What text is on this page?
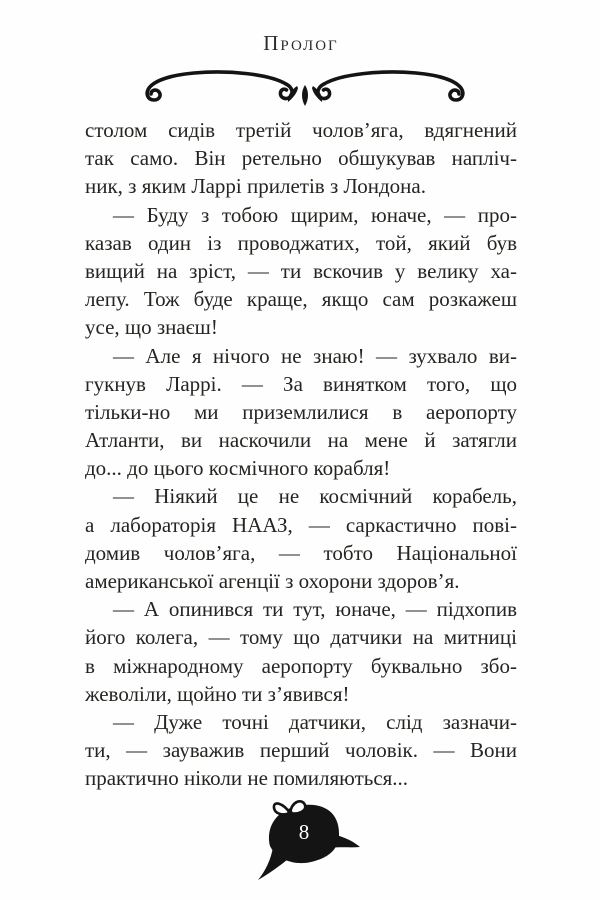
Пролог
столом сидів третій чолов’яга, вдягнений
так само. Він ретельно обшукував напліч-
ник, з яким Ларрі прилетів з Лондона.
— Буду з тобою щирим, юначе, — про-
казав один із проводжатих, той, який був
вищий на зріст, — ти вскочив у велику ха-
лепу. Тож буде краще, якщо сам розкажеш
усе, що знаєш!
— Але я нічого не знаю! — зухвало ви-
гукнув Ларрі. — За винятком того, що
тільки-но ми приземлилися в аеропорту
Атланти, ви наскочили на мене й затягли
до... до цього космічного корабля!
— Ніякий це не космічний корабель,
а лабораторія НААЗ, — саркастично пові-
домив чолов’яга, — тобто Національної
американської агенції з охорони здоров’я.
— А опинився ти тут, юначе, — підхопив
його колега, — тому що датчики на митниці
в міжнародному аеропорту буквально збо-
жеволіли, щойно ти з’явився!
— Дуже точні датчики, слід зазначи-
ти, — зауважив перший чоловік. — Вони
практично ніколи не помиляються...
8
